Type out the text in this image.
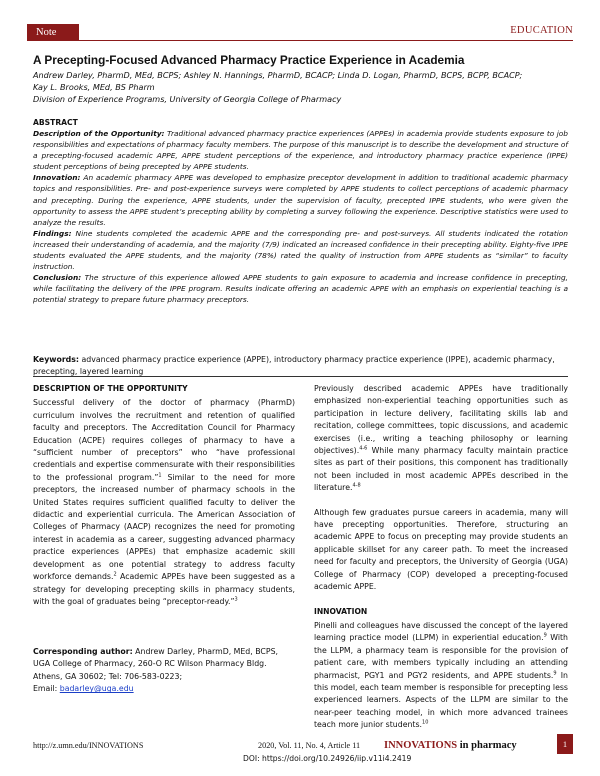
Note	EDUCATION
A Precepting-Focused Advanced Pharmacy Practice Experience in Academia
Andrew Darley, PharmD, MEd, BCPS; Ashley N. Hannings, PharmD, BCACP; Linda D. Logan, PharmD, BCPS, BCPP, BCACP;
Kay L. Brooks, MEd, BS Pharm
Division of Experience Programs, University of Georgia College of Pharmacy
ABSTRACT

Description of the Opportunity: Traditional advanced pharmacy practice experiences (APPEs) in academia provide students exposure to job responsibilities and expectations of pharmacy faculty members. The purpose of this manuscript is to describe the development and structure of a precepting-focused academic APPE, APPE student perceptions of the experience, and introductory pharmacy practice experience (IPPE) student perceptions of being precepted by APPE students.

Innovation: An academic pharmacy APPE was developed to emphasize preceptor development in addition to traditional academic pharmacy topics and responsibilities. Pre- and post-experience surveys were completed by APPE students to collect perceptions of academic pharmacy and precepting. During the experience, APPE students, under the supervision of faculty, precepted IPPE students, who were given the opportunity to assess the APPE student’s precepting ability by completing a survey following the experience. Descriptive statistics were used to analyze the results.

Findings: Nine students completed the academic APPE and the corresponding pre- and post-surveys. All students indicated the rotation increased their understanding of academia, and the majority (7/9) indicated an increased confidence in their precepting ability. Eighty-five IPPE students evaluated the APPE students, and the majority (78%) rated the quality of instruction from APPE students as “similar” to faculty instruction.

Conclusion: The structure of this experience allowed APPE students to gain exposure to academia and increase confidence in precepting, while facilitating the delivery of the IPPE program. Results indicate offering an academic APPE with an emphasis on experiential teaching is a potential strategy to prepare future pharmacy preceptors.

Keywords: advanced pharmacy practice experience (APPE), introductory pharmacy practice experience (IPPE), academic pharmacy, precepting, layered learning
DESCRIPTION OF THE OPPORTUNITY

Successful delivery of the doctor of pharmacy (PharmD) curriculum involves the recruitment and retention of qualified faculty and preceptors. The Accreditation Council for Pharmacy Education (ACPE) requires colleges of pharmacy to have a “sufficient number of preceptors” who “have professional credentials and expertise commensurate with their responsibilities to the professional program.”$^1$ Similar to the need for more preceptors, the increased number of pharmacy schools in the United States requires sufficient qualified faculty to deliver the didactic and experiential curricula. The American Association of Colleges of Pharmacy (AACP) recognizes the need for promoting interest in academia as a career, suggesting advanced pharmacy practice experiences (APPEs) that emphasize academic skill development as one potential strategy to address faculty workforce demands.$^2$ Academic APPEs have been suggested as a strategy for developing precepting skills in pharmacy students, with the goal of graduates being “preceptor-ready.”$^3$

Corresponding author: Andrew Darley, PharmD, MEd, BCPS, UGA College of Pharmacy, 260-O RC Wilson Pharmacy Bldg. Athens, GA 30602; Tel: 706-583-0223;
Email: badarley@uga.edu

Previously described academic APPEs have traditionally emphasized non-experiential teaching opportunities such as participation in lecture delivery, facilitating skills lab and recitation, college committees, topic discussions, and academic exercises (i.e., writing a teaching philosophy or learning objectives).$^{4-6}$ While many pharmacy faculty maintain practice sites as part of their positions, this component has traditionally not been included in most academic APPEs described in the literature.$^{4-8}$

Although few graduates pursue careers in academia, many will have precepting opportunities. Therefore, structuring an academic APPE to focus on precepting may provide students an applicable skillset for any career path. To meet the increased need for faculty and preceptors, the University of Georgia (UGA) College of Pharmacy (COP) developed a precepting-focused academic APPE.

INNOVATION

Pinelli and colleagues have discussed the concept of the layered learning practice model (LLPM) in experiential education.$^9$ With the LLPM, a pharmacy team is responsible for the provision of patient care, with members typically including an attending pharmacist, PGY1 and PGY2 residents, and APPE students.$^9$ In this model, each team member is responsible for precepting less experienced learners. Aspects of the LLPM are similar to the near-peer teaching model, in which more advanced trainees teach more junior students.$^{10}$

http://z.umn.edu/INNOVATIONS	2020, Vol. 11, No. 4, Article 11
DOI: https://doi.org/10.24926/iip.v11i4.2419
INNOVATIONS in pharmacy	1
